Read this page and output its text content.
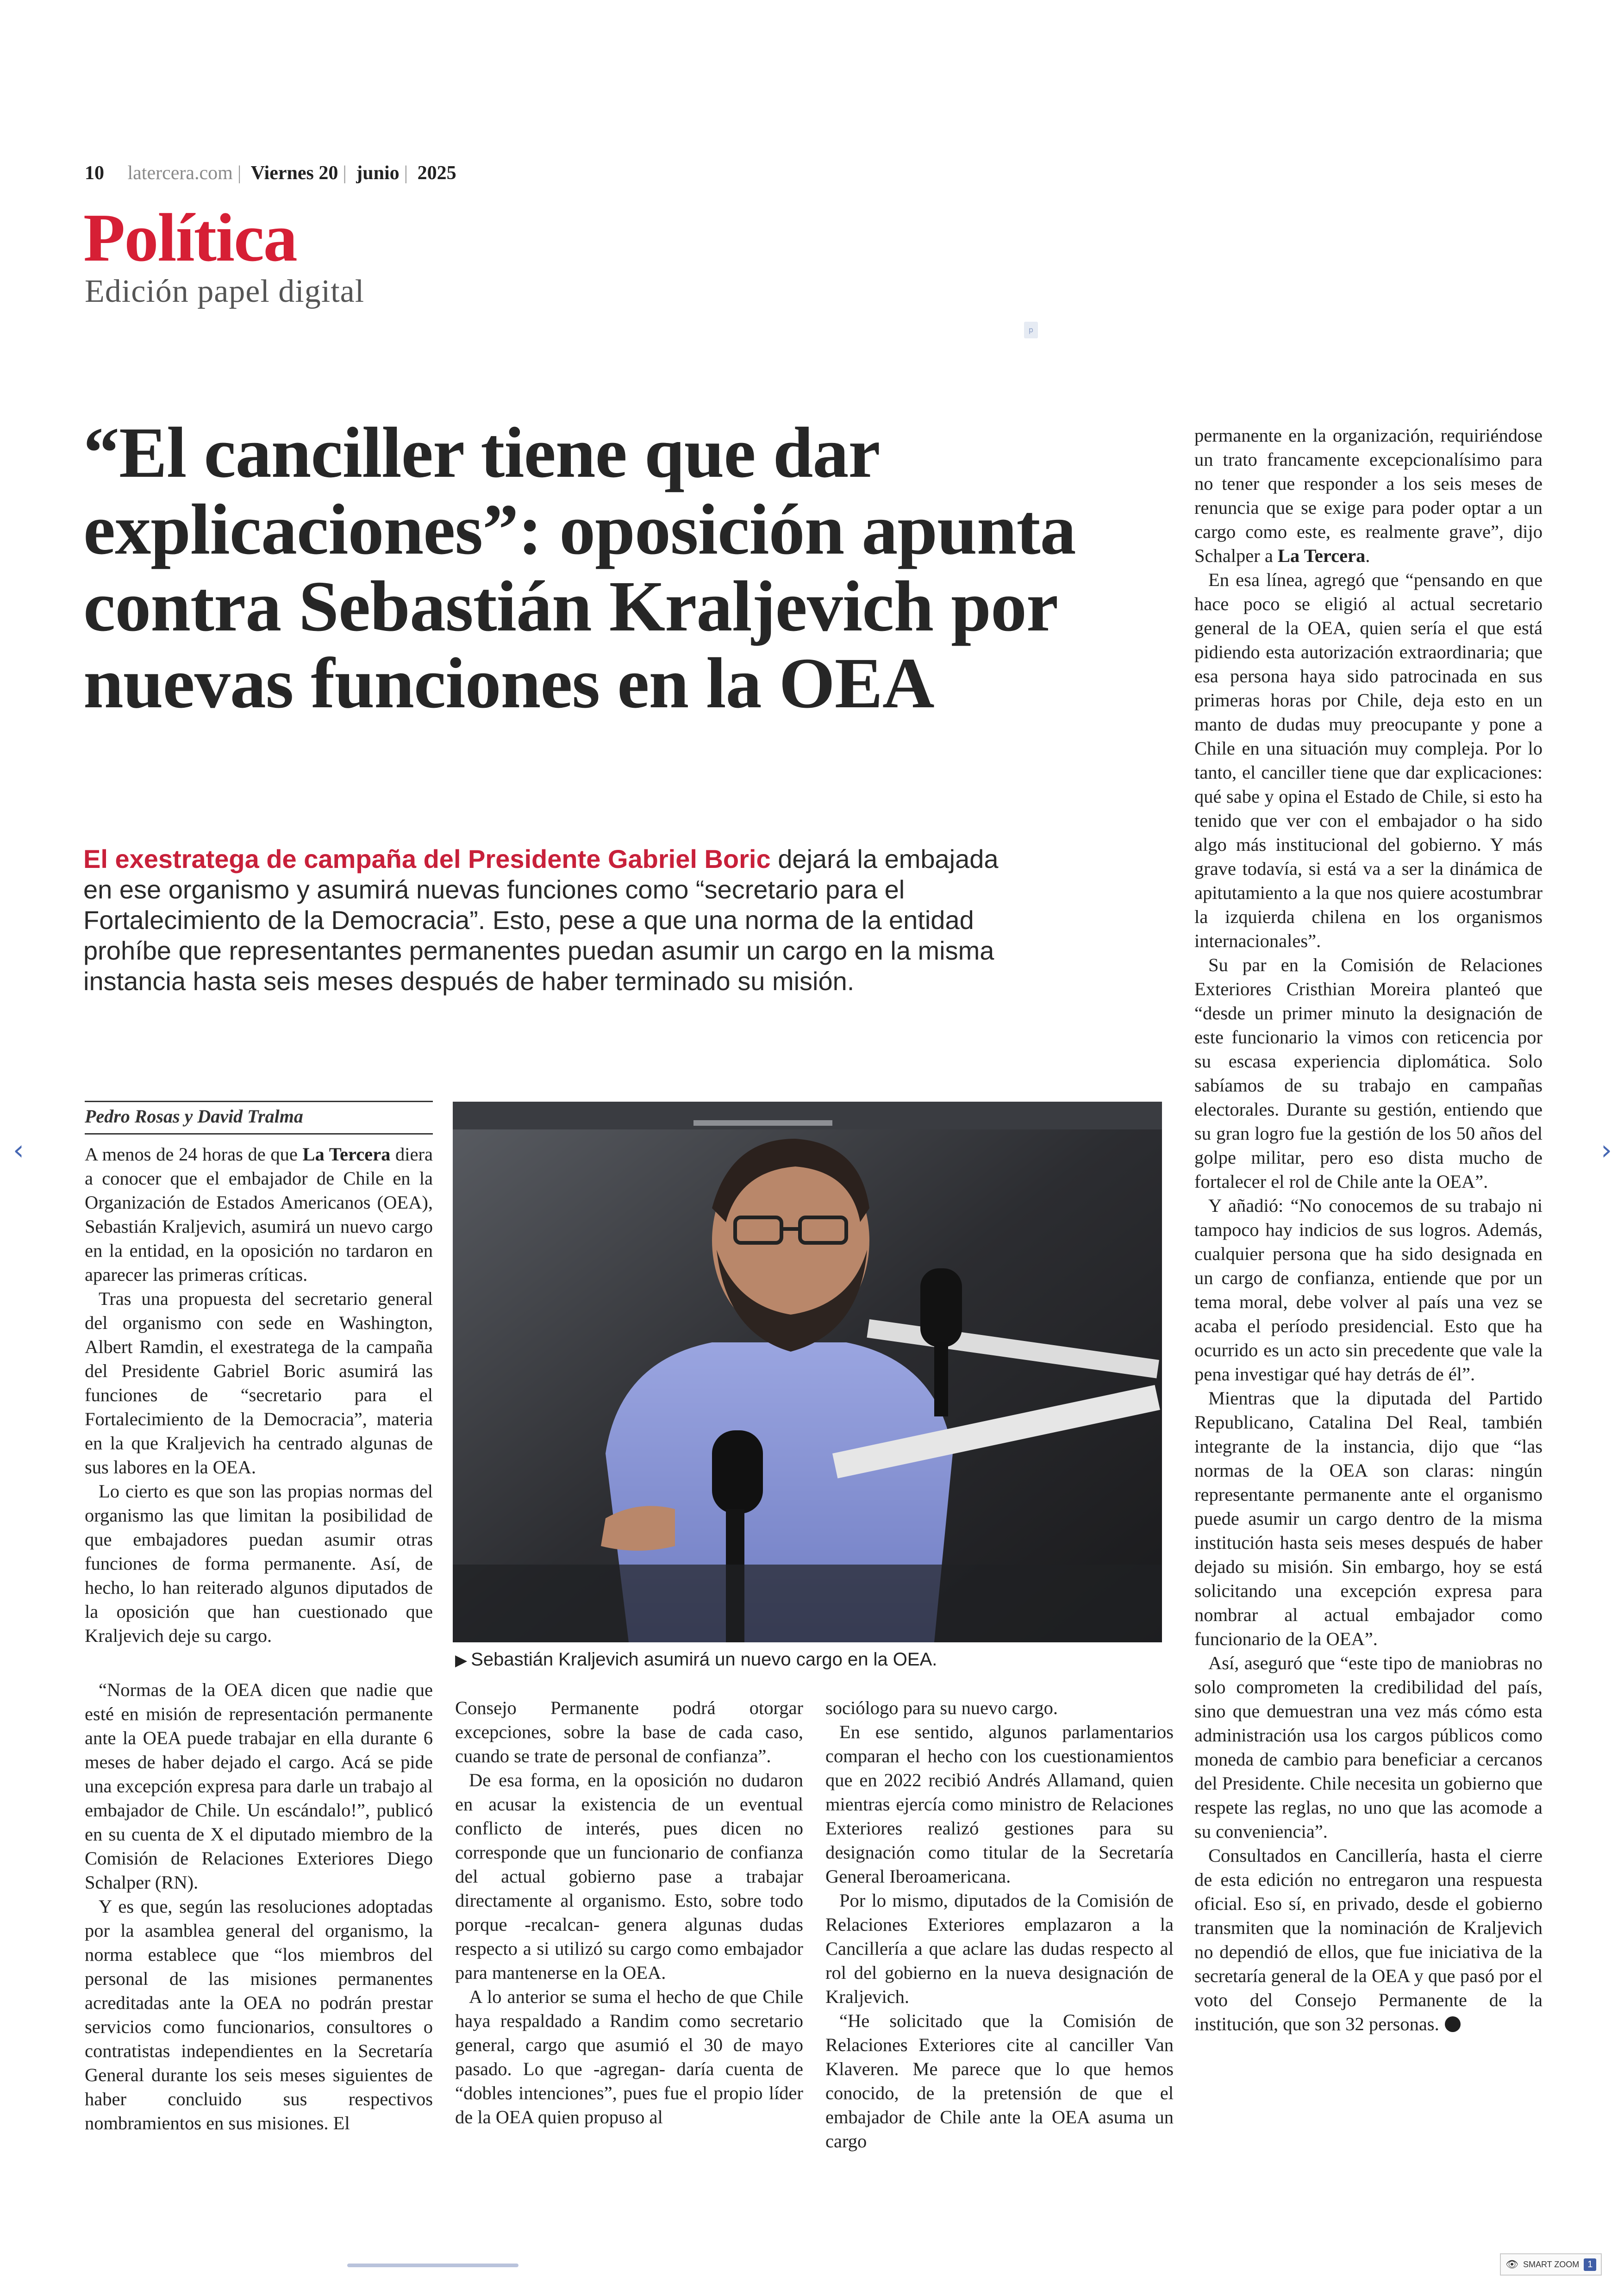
10 latercera.com | Viernes 20 | junio | 2025
Política
Edición papel digital
p
“El canciller tiene que dar explicaciones”: oposición apunta contra Sebastián Kraljevich por nuevas funciones en la OEA
El exestratega de campaña del Presidente Gabriel Boric dejará la embajada en ese organismo y asumirá nuevas funciones como “secretario para el Fortalecimiento de la Democracia”. Esto, pese a que una norma de la entidad prohíbe que representantes permanentes puedan asumir un cargo en la misma instancia hasta seis meses después de haber terminado su misión.
Pedro Rosas y David Tralma

A menos de 24 horas de que La Tercera diera a conocer que el embajador de Chile en la Organización de Estados Americanos (OEA), Sebastián Kraljevich, asumirá un nuevo cargo en la entidad, en la oposición no tardaron en aparecer las primeras críticas.

Tras una propuesta del secretario general del organismo con sede en Washington, Albert Ramdin, el exestratega de la campaña del Presidente Gabriel Boric asumirá las funciones de “secretario para el Fortalecimiento de la Democracia”, materia en la que Kraljevich ha centrado algunas de sus labores en la OEA.

Lo cierto es que son las propias normas del organismo las que limitan la posibilidad de que embajadores puedan asumir otras funciones de forma permanente. Así, de hecho, lo han reiterado algunos diputados de la oposición que han cuestionado que Kraljevich deje su cargo.

“Normas de la OEA dicen que nadie que esté en misión de representación permanente ante la OEA puede trabajar en ella durante 6 meses de haber dejado el cargo. Acá se pide una excepción expresa para darle un trabajo al embajador de Chile. Un escándalo!”, publicó en su cuenta de X el diputado miembro de la Comisión de Relaciones Exteriores Diego Schalper (RN).

Y es que, según las resoluciones adoptadas por la asamblea general del organismo, la norma establece que “los miembros del personal de las misiones permanentes acreditadas ante la OEA no podrán prestar servicios como funcionarios, consultores o contratistas independientes en la Secretaría General durante los seis meses siguientes de haber concluido sus respectivos nombramientos en sus misiones. El

▶ Sebastián Kraljevich asumirá un nuevo cargo en la OEA.

Consejo Permanente podrá otorgar excepciones, sobre la base de cada caso, cuando se trate de personal de confianza”.

De esa forma, en la oposición no dudaron en acusar la existencia de un eventual conflicto de interés, pues dicen no corresponde que un funcionario de confianza del actual gobierno pase a trabajar directamente al organismo. Esto, sobre todo porque -recalcan- genera algunas dudas respecto a si utilizó su cargo como embajador para mantenerse en la OEA.

A lo anterior se suma el hecho de que Chile haya respaldado a Randim como secretario general, cargo que asumió el 30 de mayo pasado. Lo que -agregan- daría cuenta de “dobles intenciones”, pues fue el propio líder de la OEA quien propuso al

sociólogo para su nuevo cargo.

En ese sentido, algunos parlamentarios comparan el hecho con los cuestionamientos que en 2022 recibió Andrés Allamand, quien mientras ejercía como ministro de Relaciones Exteriores realizó gestiones para su designación como titular de la Secretaría General Iberoamericana.

Por lo mismo, diputados de la Comisión de Relaciones Exteriores emplazaron a la Cancillería a que aclare las dudas respecto al rol del gobierno en la nueva designación de Kraljevich.

“He solicitado que la Comisión de Relaciones Exteriores cite al canciller Van Klaveren. Me parece que lo que hemos conocido, de la pretensión de que el embajador de Chile ante la OEA asuma un cargo

permanente en la organización, requiriéndose un trato francamente excepcionalísimo para no tener que responder a los seis meses de renuncia que se exige para poder optar a un cargo como este, es realmente grave”, dijo Schalper a La Tercera.

En esa línea, agregó que “pensando en que hace poco se eligió al actual secretario general de la OEA, quien sería el que está pidiendo esta autorización extraordinaria; que esa persona haya sido patrocinada en sus primeras horas por Chile, deja esto en un manto de dudas muy preocupante y pone a Chile en una situación muy compleja. Por lo tanto, el canciller tiene que dar explicaciones: qué sabe y opina el Estado de Chile, si esto ha tenido que ver con el embajador o ha sido algo más institucional del gobierno. Y más grave todavía, si está va a ser la dinámica de apitutamiento a la que nos quiere acostumbrar la izquierda chilena en los organismos internacionales”.

Su par en la Comisión de Relaciones Exteriores Cristhian Moreira planteó que “desde un primer minuto la designación de este funcionario la vimos con reticencia por su escasa experiencia diplomática. Solo sabíamos de su trabajo en campañas electorales. Durante su gestión, entiendo que su gran logro fue la gestión de los 50 años del golpe militar, pero eso dista mucho de fortalecer el rol de Chile ante la OEA”.

Y añadió: “No conocemos de su trabajo ni tampoco hay indicios de sus logros. Además, cualquier persona que ha sido designada en un cargo de confianza, entiende que por un tema moral, debe volver al país una vez se acaba el período presidencial. Esto que ha ocurrido es un acto sin precedente que vale la pena investigar qué hay detrás de él”.

Mientras que la diputada del Partido Republicano, Catalina Del Real, también integrante de la instancia, dijo que “las normas de la OEA son claras: ningún representante permanente ante el organismo puede asumir un cargo dentro de la misma institución hasta seis meses después de haber dejado su misión. Sin embargo, hoy se está solicitando una excepción expresa para nombrar al actual embajador como funcionario de la OEA”.

Así, aseguró que “este tipo de maniobras no solo comprometen la credibilidad del país, sino que demuestran una vez más cómo esta administración usa los cargos públicos como moneda de cambio para beneficiar a cercanos del Presidente. Chile necesita un gobierno que respete las reglas, no uno que las acomode a su conveniencia”.

Consultados en Cancillería, hasta el cierre de esta edición no entregaron una respuesta oficial. Eso sí, en privado, desde el gobierno transmiten que la nominación de Kraljevich no dependió de ellos, que fue iniciativa de la secretaría general de la OEA y que pasó por el voto del Consejo Permanente de la institución, que son 32 personas.

‹	›
👁 SMART ZOOM 1
